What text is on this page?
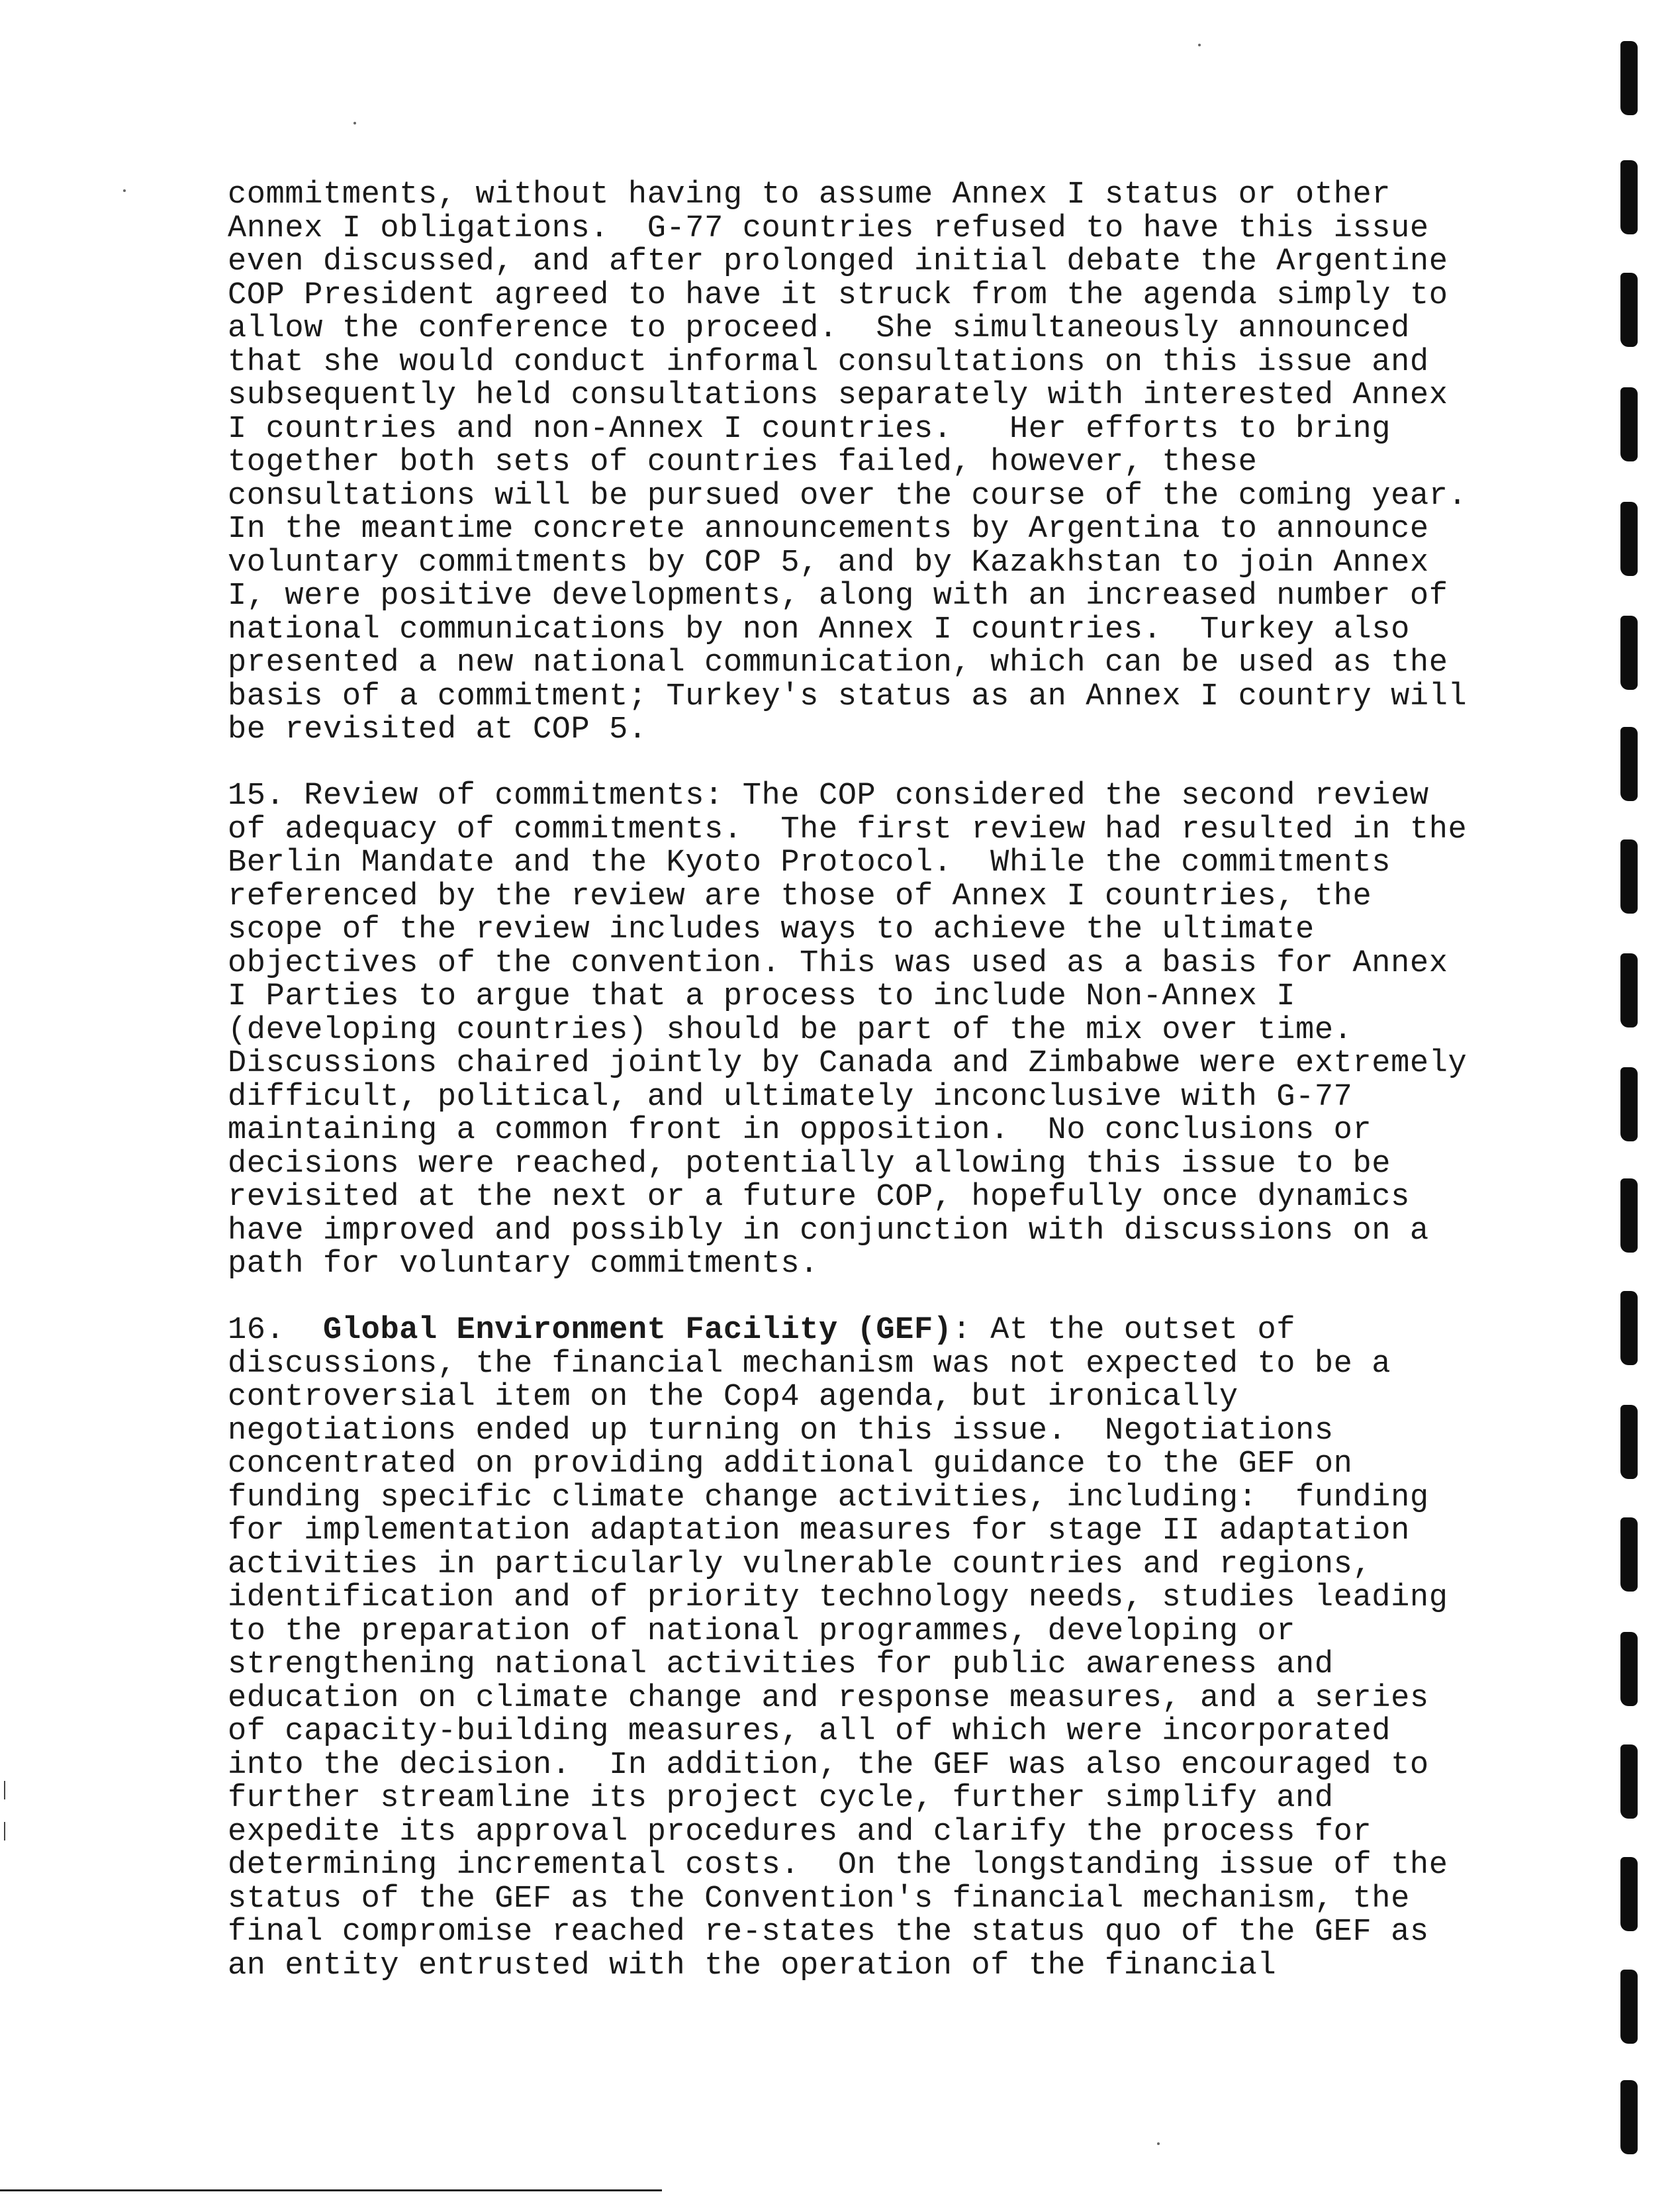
commitments, without having to assume Annex I status or other
Annex I obligations.  G-77 countries refused to have this issue
even discussed, and after prolonged initial debate the Argentine
COP President agreed to have it struck from the agenda simply to
allow the conference to proceed.  She simultaneously announced
that she would conduct informal consultations on this issue and
subsequently held consultations separately with interested Annex
I countries and non-Annex I countries.   Her efforts to bring
together both sets of countries failed, however, these
consultations will be pursued over the course of the coming year.
In the meantime concrete announcements by Argentina to announce
voluntary commitments by COP 5, and by Kazakhstan to join Annex
I, were positive developments, along with an increased number of
national communications by non Annex I countries.  Turkey also
presented a new national communication, which can be used as the
basis of a commitment; Turkey's status as an Annex I country will
be revisited at COP 5.
15. Review of commitments: The COP considered the second review
of adequacy of commitments.  The first review had resulted in the
Berlin Mandate and the Kyoto Protocol.  While the commitments
referenced by the review are those of Annex I countries, the
scope of the review includes ways to achieve the ultimate
objectives of the convention. This was used as a basis for Annex
I Parties to argue that a process to include Non-Annex I
(developing countries) should be part of the mix over time.
Discussions chaired jointly by Canada and Zimbabwe were extremely
difficult, political, and ultimately inconclusive with G-77
maintaining a common front in opposition.  No conclusions or
decisions were reached, potentially allowing this issue to be
revisited at the next or a future COP, hopefully once dynamics
have improved and possibly in conjunction with discussions on a
path for voluntary commitments.
16.  Global Environment Facility (GEF): At the outset of
discussions, the financial mechanism was not expected to be a
controversial item on the Cop4 agenda, but ironically
negotiations ended up turning on this issue.  Negotiations
concentrated on providing additional guidance to the GEF on
funding specific climate change activities, including:  funding
for implementation adaptation measures for stage II adaptation
activities in particularly vulnerable countries and regions,
identification and of priority technology needs, studies leading
to the preparation of national programmes, developing or
strengthening national activities for public awareness and
education on climate change and response measures, and a series
of capacity-building measures, all of which were incorporated
into the decision.  In addition, the GEF was also encouraged to
further streamline its project cycle, further simplify and
expedite its approval procedures and clarify the process for
determining incremental costs.  On the longstanding issue of the
status of the GEF as the Convention's financial mechanism, the
final compromise reached re-states the status quo of the GEF as
an entity entrusted with the operation of the financial
